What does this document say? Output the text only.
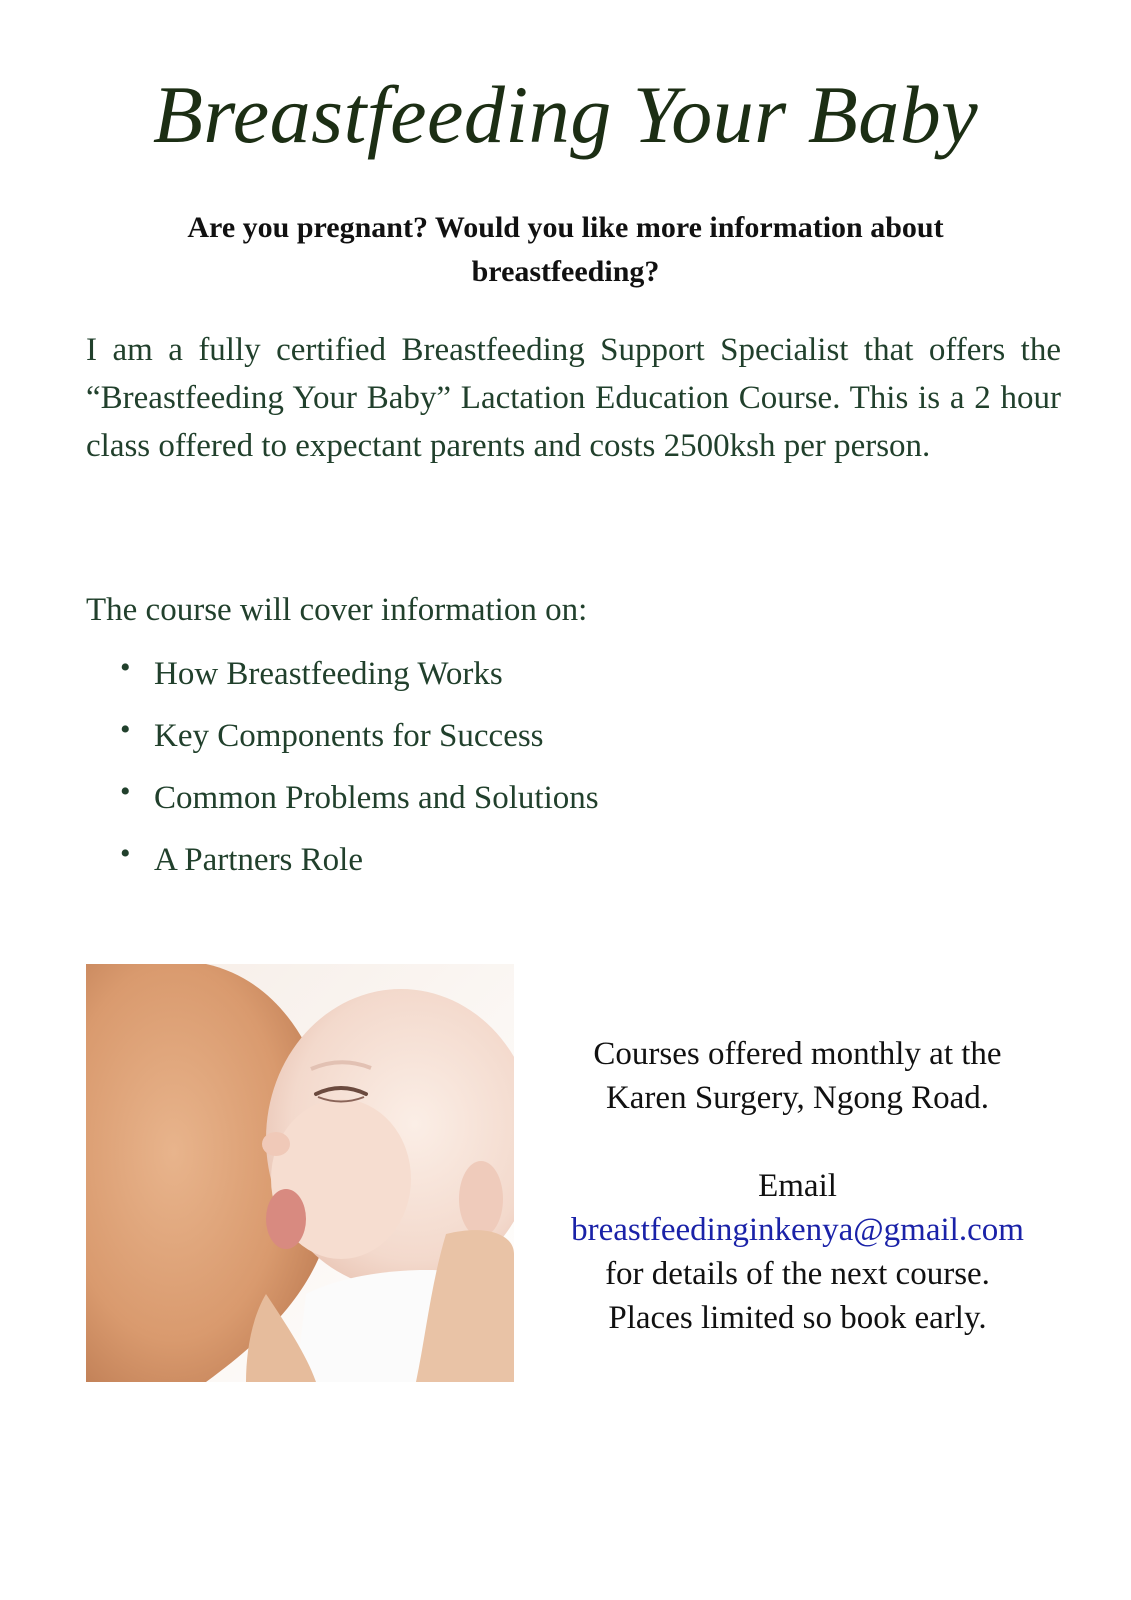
Breastfeeding Your Baby
Are you pregnant? Would you like more information about breastfeeding?
I am a fully certified Breastfeeding Support Specialist that offers the “Breastfeeding Your Baby” Lactation Education Course. This is a 2 hour class offered to expectant parents and costs 2500ksh per person.
The course will cover information on:
• How Breastfeeding Works
• Key Components for Success
• Common Problems and Solutions
• A Partners Role

Courses offered monthly at the

Karen Surgery, Ngong Road.

Email

breastfeedinginkenya@gmail.com

for details of the next course.

Places limited so book early.
